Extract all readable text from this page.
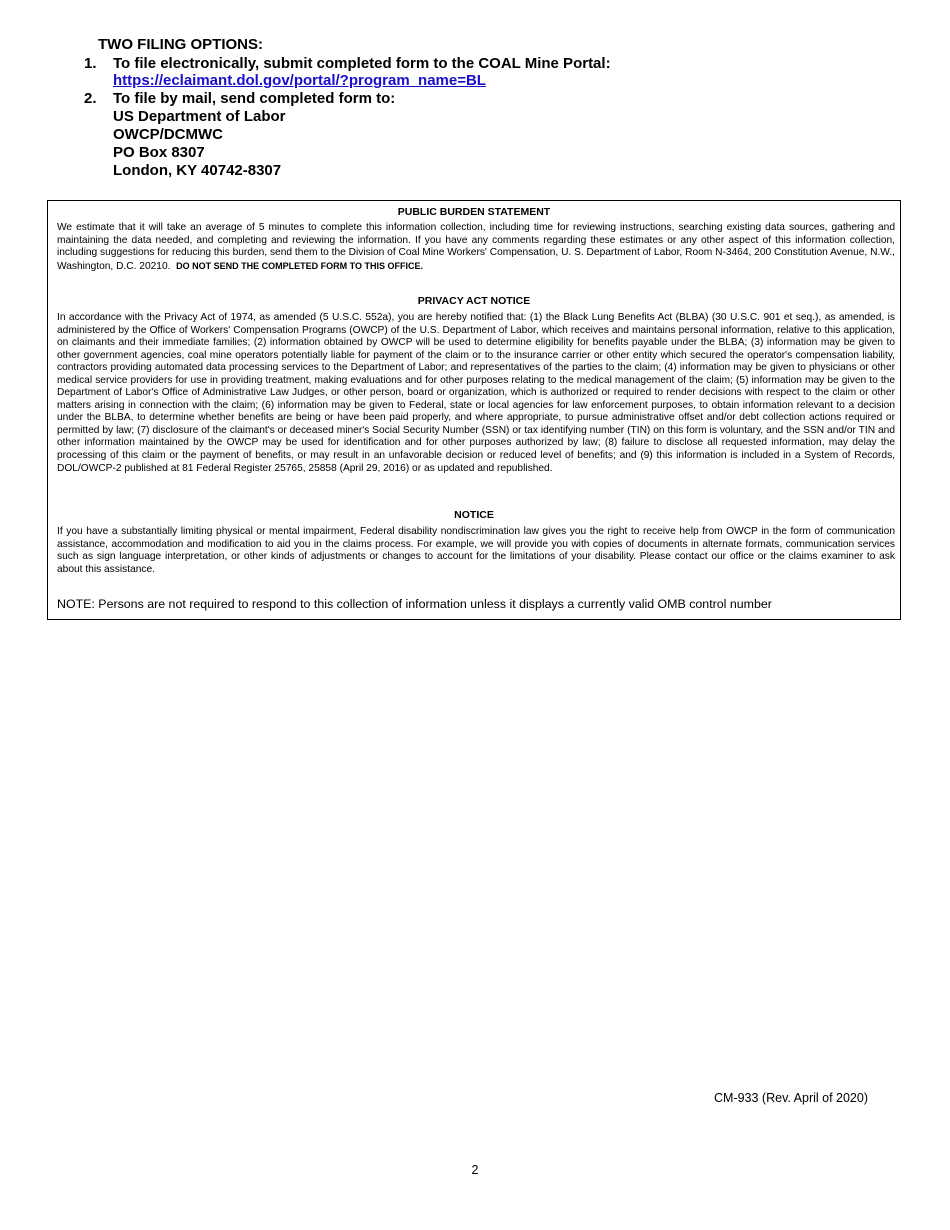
TWO FILING OPTIONS:
1. To file electronically, submit completed form to the COAL Mine Portal:
https://eclaimant.dol.gov/portal/?program_name=BL
2. To file by mail, send completed form to:
US Department of Labor
OWCP/DCMWC
PO Box 8307
London, KY 40742-8307
PUBLIC BURDEN STATEMENT
We estimate that it will take an average of 5 minutes to complete this information collection, including time for reviewing instructions, searching existing data sources, gathering and maintaining the data needed, and completing and reviewing the information. If you have any comments regarding these estimates or any other aspect of this information collection, including suggestions for reducing this burden, send them to the Division of Coal Mine Workers' Compensation, U. S. Department of Labor, Room N-3464, 200 Constitution Avenue, N.W., Washington, D.C. 20210. DO NOT SEND THE COMPLETED FORM TO THIS OFFICE.
PRIVACY ACT NOTICE
In accordance with the Privacy Act of 1974, as amended (5 U.S.C. 552a), you are hereby notified that: (1) the Black Lung Benefits Act (BLBA) (30 U.S.C. 901 et seq.), as amended, is administered by the Office of Workers' Compensation Programs (OWCP) of the U.S. Department of Labor, which receives and maintains personal information, relative to this application, on claimants and their immediate families; (2) information obtained by OWCP will be used to determine eligibility for benefits payable under the BLBA; (3) information may be given to other government agencies, coal mine operators potentially liable for payment of the claim or to the insurance carrier or other entity which secured the operator's compensation liability, contractors providing automated data processing services to the Department of Labor; and representatives of the parties to the claim; (4) information may be given to physicians or other medical service providers for use in providing treatment, making evaluations and for other purposes relating to the medical management of the claim; (5) information may be given to the Department of Labor's Office of Administrative Law Judges, or other person, board or organization, which is authorized or required to render decisions with respect to the claim or other matters arising in connection with the claim; (6) information may be given to Federal, state or local agencies for law enforcement purposes, to obtain information relevant to a decision under the BLBA, to determine whether benefits are being or have been paid properly, and where appropriate, to pursue administrative offset and/or debt collection actions required or permitted by law; (7) disclosure of the claimant's or deceased miner's Social Security Number (SSN) or tax identifying number (TIN) on this form is voluntary, and the SSN and/or TIN and other information maintained by the OWCP may be used for identification and for other purposes authorized by law; (8) failure to disclose all requested information, may delay the processing of this claim or the payment of benefits, or may result in an unfavorable decision or reduced level of benefits; and (9) this information is included in a System of Records, DOL/OWCP-2 published at 81 Federal Register 25765, 25858 (April 29, 2016) or as updated and republished.
NOTICE
If you have a substantially limiting physical or mental impairment, Federal disability nondiscrimination law gives you the right to receive help from OWCP in the form of communication assistance, accommodation and modification to aid you in the claims process. For example, we will provide you with copies of documents in alternate formats, communication services such as sign language interpretation, or other kinds of adjustments or changes to account for the limitations of your disability. Please contact our office or the claims examiner to ask about this assistance.
NOTE: Persons are not required to respond to this collection of information unless it displays a currently valid OMB control number
CM-933 (Rev. April of 2020)
2
